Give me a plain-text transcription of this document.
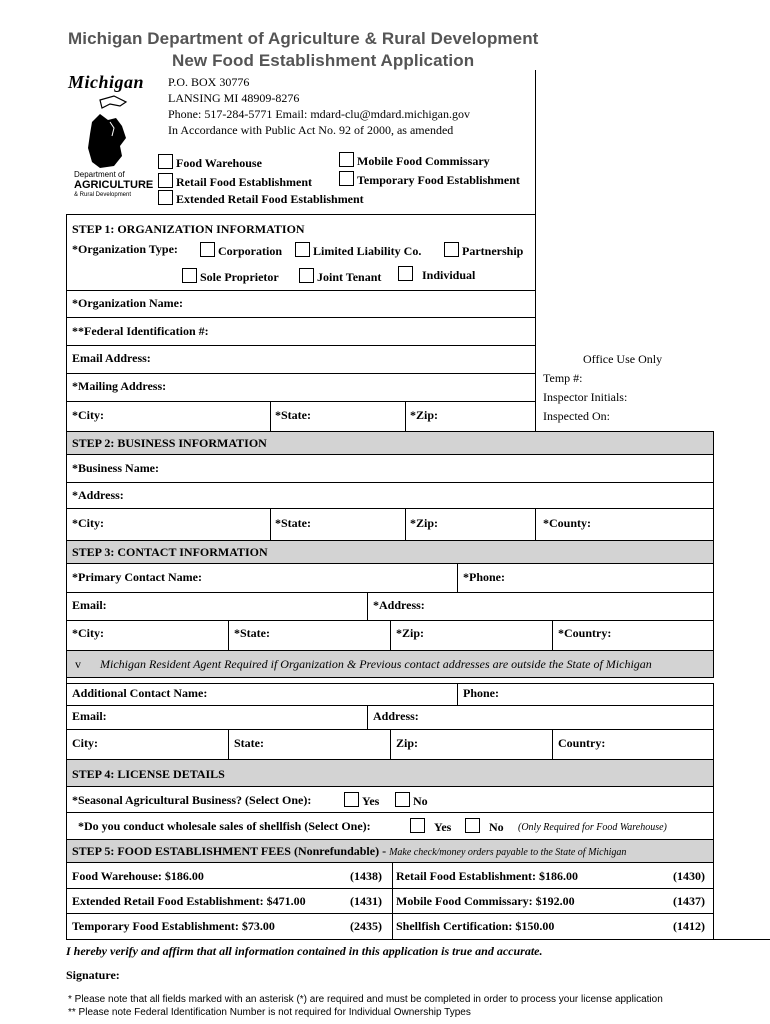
Michigan Department of Agriculture & Rural Development
New Food Establishment Application
Michigan
Department of
AGRICULTURE
& Rural Development
P.O. BOX 30776
LANSING MI 48909-8276
Phone: 517-284-5771 Email: mdard-clu@mdard.michigan.gov
In Accordance with Public Act No. 92 of 2000, as amended
Food Warehouse
Retail Food Establishment
Extended Retail Food Establishment
Mobile Food Commissary
Temporary Food Establishment
STEP 1: ORGANIZATION INFORMATION
*Organization Type:	Corporation	Limited Liability Co.	Partnership
Sole Proprietor	Joint Tenant	Individual
*Organization Name:
**Federal Identification #:
Email Address:
*Mailing Address:
*City:	*State:	*Zip:
Office Use Only
Temp #:
Inspector Initials:
Inspected On:
STEP 2: BUSINESS INFORMATION
*Business Name:
*Address:
*City:	*State:	*Zip:	*County:
STEP 3: CONTACT INFORMATION
*Primary Contact Name:	*Phone:
Email:	*Address:
*City:	*State:	*Zip:	*Country:
v Michigan Resident Agent Required if Organization & Previous contact addresses are outside the State of Michigan
Additional Contact Name:	Phone:
Email:	Address:
City:	State:	Zip:	Country:
STEP 4: LICENSE DETAILS
*Seasonal Agricultural Business? (Select One):	Yes	No
*Do you conduct wholesale sales of shellfish (Select One):	Yes	No (Only Required for Food Warehouse)
STEP 5: FOOD ESTABLISHMENT FEES (Nonrefundable) - Make check/money orders payable to the State of Michigan
Food Warehouse: $186.00	(1438) Retail Food Establishment: $186.00	(1430)
Extended Retail Food Establishment: $471.00	(1431) Mobile Food Commissary: $192.00	(1437)
Temporary Food Establishment: $73.00	(2435) Shellfish Certification: $150.00	(1412)
I hereby verify and affirm that all information contained in this application is true and accurate.
Signature:
* Please note that all fields marked with an asterisk (*) are required and must be completed in order to process your license application
** Please note Federal Identification Number is not required for Individual Ownership Types
